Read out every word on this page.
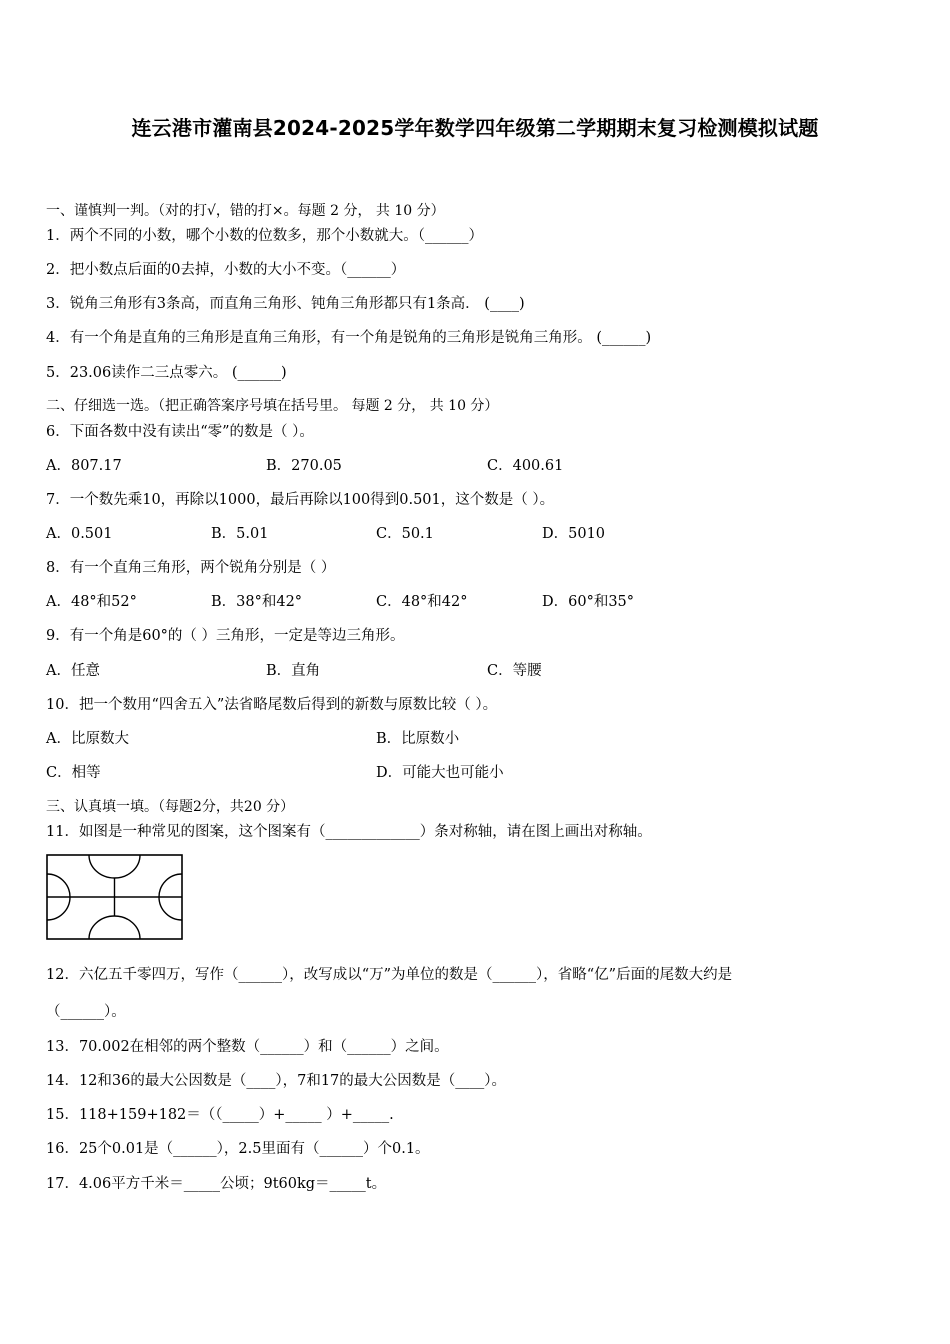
连云港市灌南县2024-2025学年数学四年级第二学期期末复习检测模拟试题
一、谨慎判一判。（对的打√，错的打×。每题 2 分， 共 10 分）
1．两个不同的小数，哪个小数的位数多，那个小数就大。（______）
2．把小数点后面的0去掉，小数的大小不变。（______）
3．锐角三角形有3条高，而直角三角形、钝角三角形都只有1条高． (____)
4．有一个角是直角的三角形是直角三角形，有一个角是锐角的三角形是锐角三角形。 (______)
5．23.06读作二三点零六。 (______)
二、仔细选一选。（把正确答案序号填在括号里。 每题 2 分， 共 10 分）
6．下面各数中没有读出“零”的数是（ ）。
A．807.17	B．270.05	C．400.61
7．一个数先乘10，再除以1000，最后再除以100得到0.501，这个数是（ ）。
A．0.501	B．5.01	C．50.1	D．5010
8．有一个直角三角形，两个锐角分别是（ ）
A．48°和52°	B．38°和42°	C．48°和42°	D．60°和35°
9．有一个角是60°的（ ）三角形，一定是等边三角形。
A．任意	B．直角	C．等腰
10．把一个数用“四舍五入”法省略尾数后得到的新数与原数比较（ ）。
A．比原数大	B．比原数小
C．相等	D．可能大也可能小
三、认真填一填。（每题2分，共20 分）
11．如图是一种常见的图案，这个图案有（_____________）条对称轴，请在图上画出对称轴。
12．六亿五千零四万，写作（______），改写成以“万”为单位的数是（______），省略“亿”后面的尾数大约是
（______）。
13．70.002在相邻的两个整数（______）和（______）之间。
14．12和36的最大公因数是（____），7和17的最大公因数是（____）。
15．118+159+182＝（（_____）+_____ ）+_____.
16．25个0.01是（______），2.5里面有（______）个0.1。
17．4.06平方千米＝_____公顷；9t60kg＝_____t。
